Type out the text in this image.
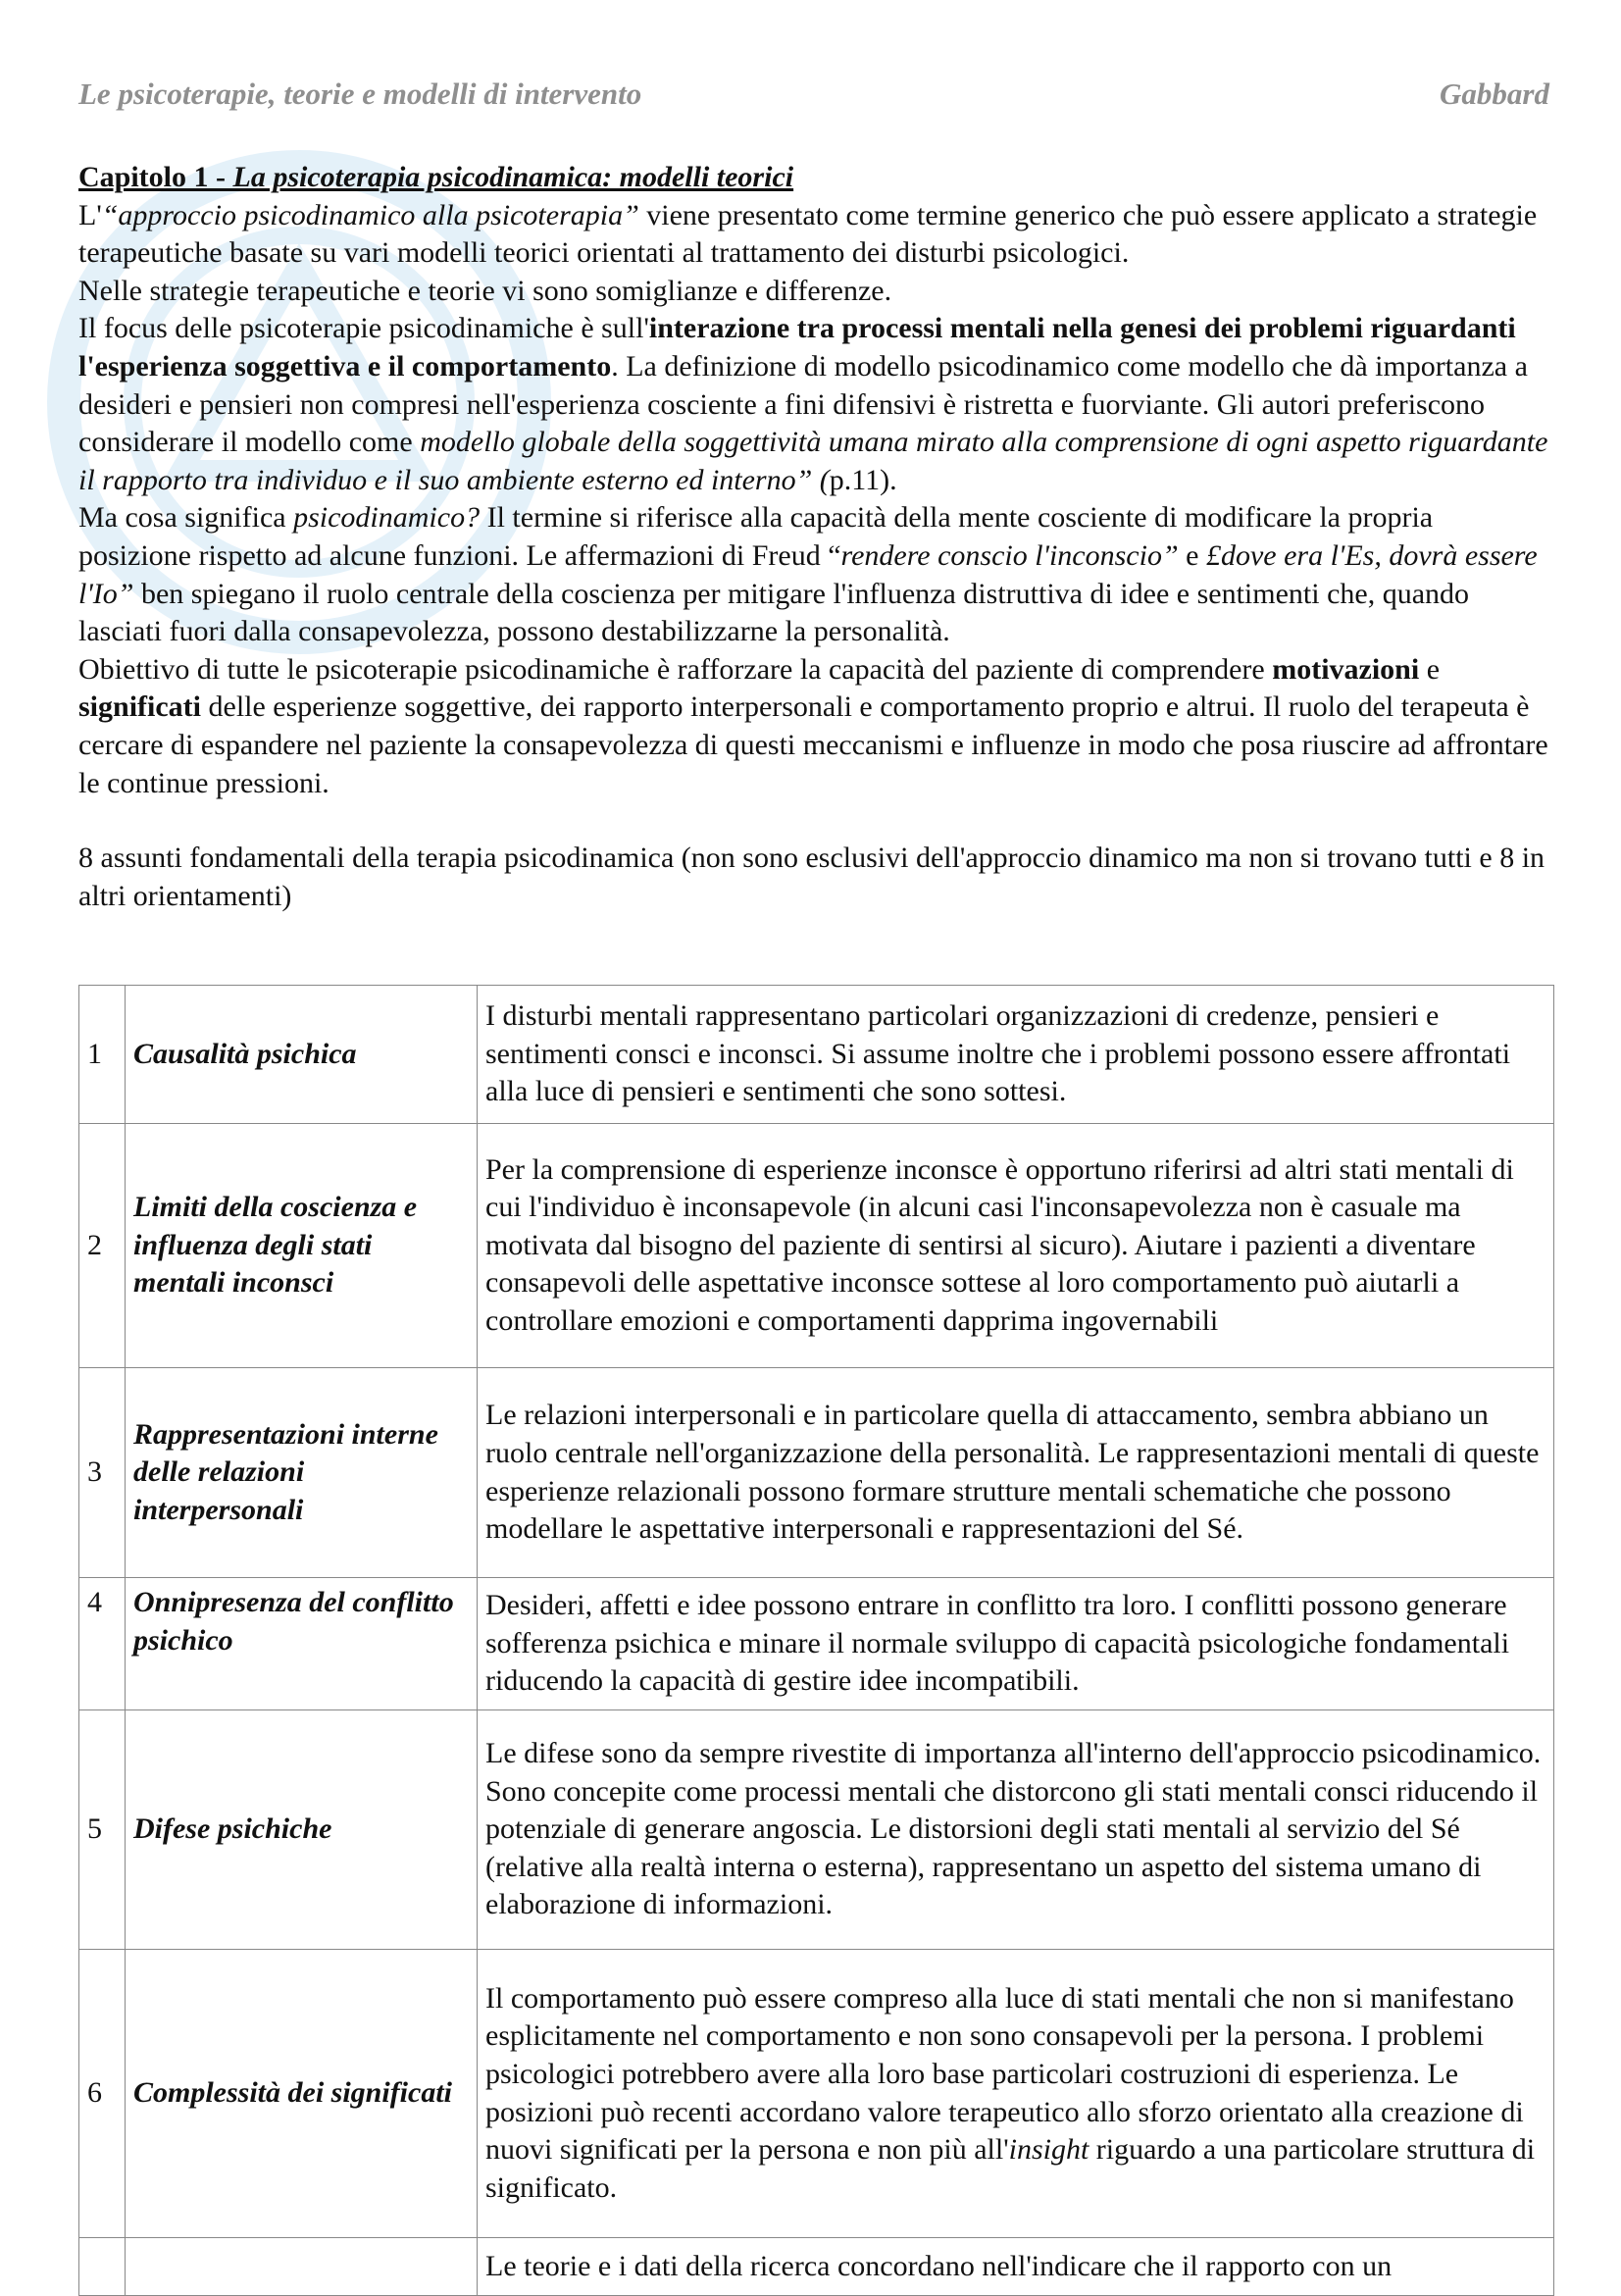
Le psicoterapie, teorie e modelli di intervento	Gabbard

Capitolo 1 - La psicoterapia psicodinamica: modelli teorici

L'“approccio psicodinamico alla psicoterapia” viene presentato come termine generico che può essere applicato a strategie terapeutiche basate su vari modelli teorici orientati al trattamento dei disturbi psicologici.

Nelle strategie terapeutiche e teorie vi sono somiglianze e differenze.

Il focus delle psicoterapie psicodinamiche è sull'interazione tra processi mentali nella genesi dei problemi riguardanti l'esperienza soggettiva e il comportamento. La definizione di modello psicodinamico come modello che dà importanza a desideri e pensieri non compresi nell'esperienza cosciente a fini difensivi è ristretta e fuorviante. Gli autori preferiscono considerare il modello come modello globale della soggettività umana mirato alla comprensione di ogni aspetto riguardante il rapporto tra individuo e il suo ambiente esterno ed interno” (p.11).

Ma cosa significa psicodinamico? Il termine si riferisce alla capacità della mente cosciente di modificare la propria posizione rispetto ad alcune funzioni. Le affermazioni di Freud “rendere conscio l'inconscio” e £dove era l'Es, dovrà essere l'Io” ben spiegano il ruolo centrale della coscienza per mitigare l'influenza distruttiva di idee e sentimenti che, quando lasciati fuori dalla consapevolezza, possono destabilizzarne la personalità.

Obiettivo di tutte le psicoterapie psicodinamiche è rafforzare la capacità del paziente di comprendere motivazioni e significati delle esperienze soggettive, dei rapporto interpersonali e comportamento proprio e altrui. Il ruolo del terapeuta è cercare di espandere nel paziente la consapevolezza di questi meccanismi e influenze in modo che posa riuscire ad affrontare le continue pressioni.

8 assunti fondamentali della terapia psicodinamica (non sono esclusivi dell'approccio dinamico ma non si trovano tutti e 8 in altri orientamenti)

1	Causalità psichica	I disturbi mentali rappresentano particolari organizzazioni di credenze, pensieri e sentimenti consci e inconsci. Si assume inoltre che i problemi possono essere affrontati alla luce di pensieri e sentimenti che sono sottesi.
2	Limiti della coscienza e influenza degli stati mentali inconsci	Per la comprensione di esperienze inconsce è opportuno riferirsi ad altri stati mentali di cui l'individuo è inconsapevole (in alcuni casi l'inconsapevolezza non è casuale ma motivata dal bisogno del paziente di sentirsi al sicuro). Aiutare i pazienti a diventare consapevoli delle aspettative inconsce sottese al loro comportamento può aiutarli a controllare emozioni e comportamenti dapprima ingovernabili
3	Rappresentazioni interne delle relazioni interpersonali	Le relazioni interpersonali e in particolare quella di attaccamento, sembra abbiano un ruolo centrale nell'organizzazione della personalità. Le rappresentazioni mentali di queste esperienze relazionali possono formare strutture mentali schematiche che possono modellare le aspettative interpersonali e rappresentazioni del Sé.
4	Onnipresenza del conflitto psichico	Desideri, affetti e idee possono entrare in conflitto tra loro. I conflitti possono generare sofferenza psichica e minare il normale sviluppo di capacità psicologiche fondamentali riducendo la capacità di gestire idee incompatibili.
5	Difese psichiche	Le difese sono da sempre rivestite di importanza all'interno dell'approccio psicodinamico. Sono concepite come processi mentali che distorcono gli stati mentali consci riducendo il potenziale di generare angoscia. Le distorsioni degli stati mentali al servizio del Sé (relative alla realtà interna o esterna), rappresentano un aspetto del sistema umano di elaborazione di informazioni.
6	Complessità dei significati	Il comportamento può essere compreso alla luce di stati mentali che non si manifestano esplicitamente nel comportamento e non sono consapevoli per la persona. I problemi psicologici potrebbero avere alla loro base particolari costruzioni di esperienza. Le posizioni può recenti accordano valore terapeutico allo sforzo orientato alla creazione di nuovi significati per la persona e non più all'insight riguardo a una particolare struttura di significato.
		Le teorie e i dati della ricerca concordano nell'indicare che il rapporto con un
